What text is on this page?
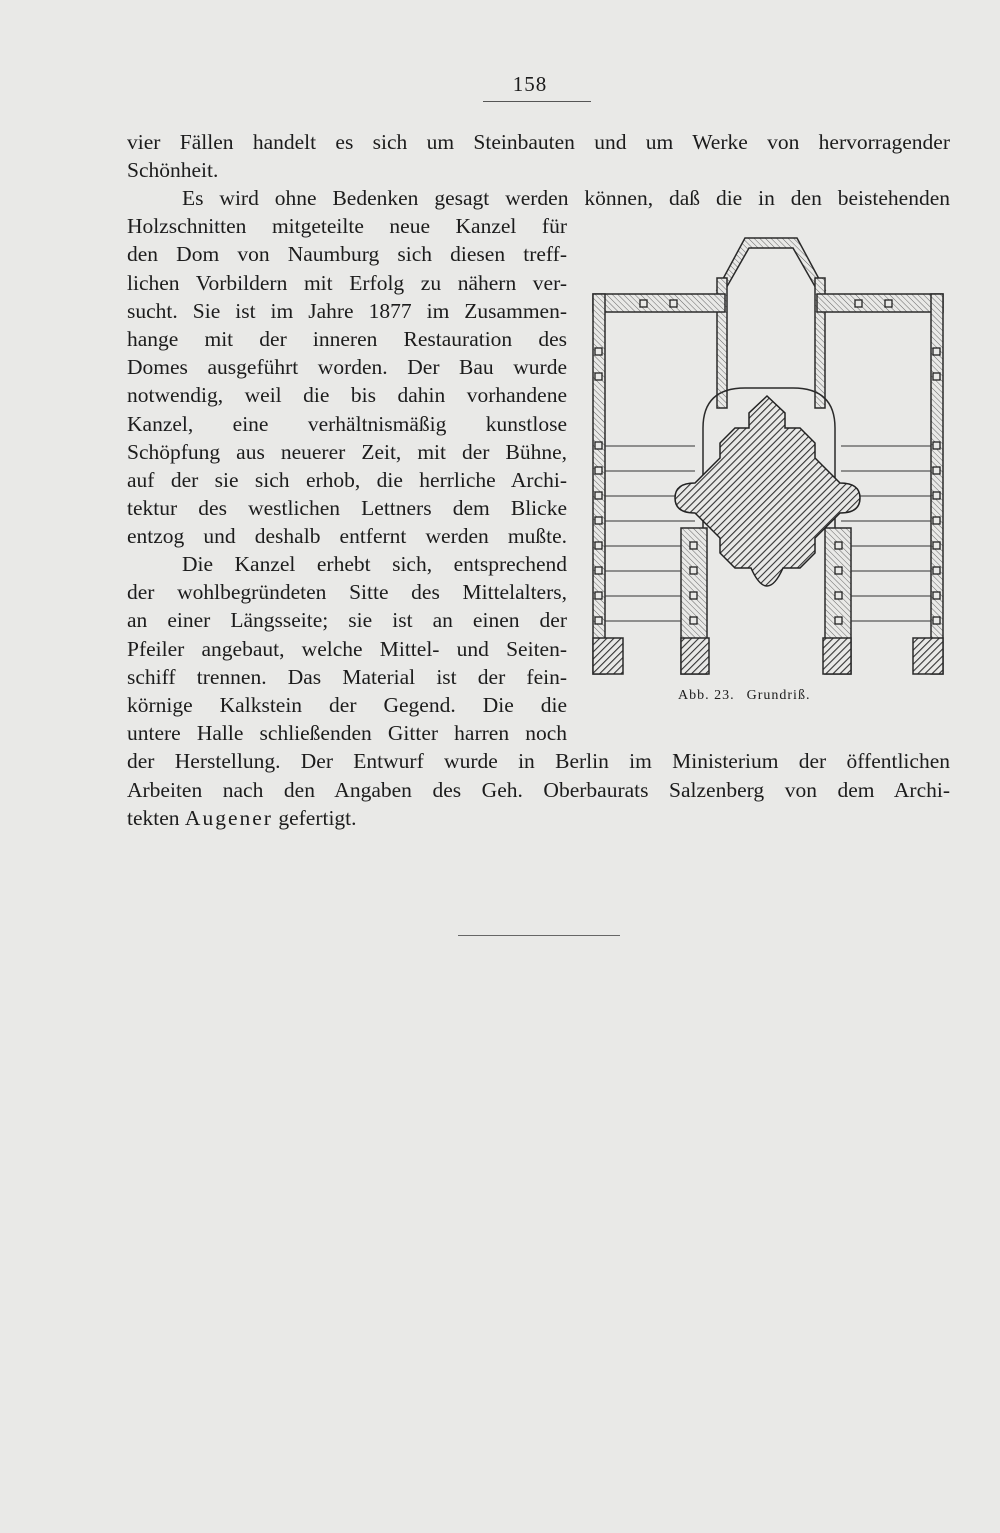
158
vier Fällen handelt es sich um Steinbauten und um Werke von hervorragender
Schönheit.
Es wird ohne Bedenken gesagt werden können, daß die in den beistehenden
Holzschnitten mitgeteilte neue Kanzel für
den Dom von Naumburg sich diesen treff-
lichen Vorbildern mit Erfolg zu nähern ver-
sucht. Sie ist im Jahre 1877 im Zusammen-
hange mit der inneren Restauration des
Domes ausgeführt worden. Der Bau wurde
notwendig, weil die bis dahin vorhandene
Kanzel, eine verhältnismäßig kunstlose
Schöpfung aus neuerer Zeit, mit der Bühne,
auf der sie sich erhob, die herrliche Archi-
tektur des westlichen Lettners dem Blicke
entzog und deshalb entfernt werden mußte.
Die Kanzel erhebt sich, entsprechend
der wohlbegründeten Sitte des Mittelalters,
an einer Längsseite; sie ist an einen der
Pfeiler angebaut, welche Mittel- und Seiten-
schiff trennen. Das Material ist der fein-
körnige Kalkstein der Gegend. Die die
untere Halle schließenden Gitter harren noch
der Herstellung. Der Entwurf wurde in Berlin im Ministerium der öffentlichen
Arbeiten nach den Angaben des Geh. Oberbaurats Salzenberg von dem Archi-
tekten Augener gefertigt.
Abb. 23. Grundriß.
